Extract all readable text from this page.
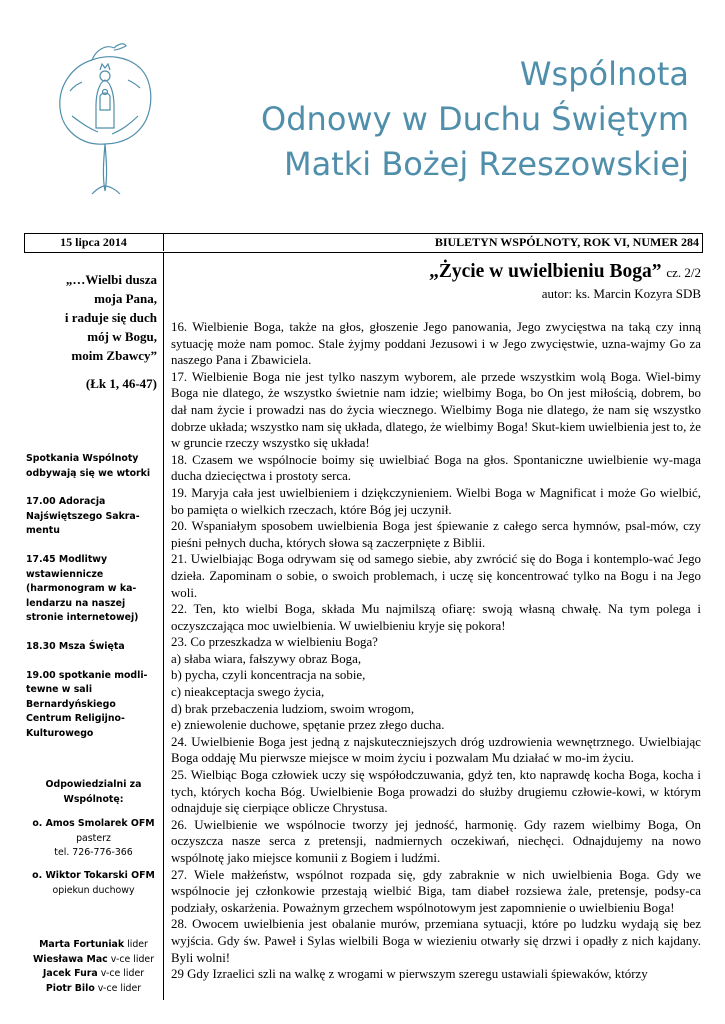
Wspólnota
Odnowy w Duchu Świętym
Matki Bożej Rzeszowskiej
15 lipca 2014	BIULETYN WSPÓLNOTY, ROK VI, NUMER 284
„…Wielbi dusza
moja Pana,
i raduje się duch
mój w Bogu,
moim Zbawcy”
(Łk 1, 46-47)

Spotkania Wspólnoty odbywają się we wtorki

17.00 Adoracja Najświętszego Sakra-mentu

17.45 Modlitwy wstawiennicze (harmonogram w ka-lendarzu na naszej stronie internetowej)

18.30 Msza Święta

19.00 spotkanie modli-tewne w sali Bernardyńskiego Centrum Religijno-Kulturowego

Odpowiedzialni za Wspólnotę:
o. Amos Smolarek OFM
pasterz
tel. 726-776-366
o. Wiktor Tokarski OFM
opiekun duchowy
Marta Fortuniak lider
Wiesława Mac v-ce lider
Jacek Fura v-ce lider
Piotr Bilo v-ce lider
„Życie w uwielbieniu Boga” cz. 2/2
autor: ks. Marcin Kozyra SDB

16. Wielbienie Boga, także na głos, głoszenie Jego panowania, Jego zwycięstwa na taką czy inną sytuację może nam pomoc. Stale żyjmy poddani Jezusowi i w Jego zwycięstwie, uzna-wajmy Go za naszego Pana i Zbawiciela.

17. Wielbienie Boga nie jest tylko naszym wyborem, ale przede wszystkim wolą Boga. Wiel-bimy Boga nie dlatego, że wszystko świetnie nam idzie; wielbimy Boga, bo On jest miłością, dobrem, bo dał nam życie i prowadzi nas do życia wiecznego. Wielbimy Boga nie dlatego, że nam się wszystko dobrze układa; wszystko nam się układa, dlatego, że wielbimy Boga! Skut-kiem uwielbienia jest to, że w gruncie rzeczy wszystko się układa!

18. Czasem we wspólnocie boimy się uwielbiać Boga na głos. Spontaniczne uwielbienie wy-maga ducha dziecięctwa i prostoty serca.

19. Maryja cała jest uwielbieniem i dziękczynieniem. Wielbi Boga w Magnificat i może Go wielbić, bo pamięta o wielkich rzeczach, które Bóg jej uczynił.

20. Wspaniałym sposobem uwielbienia Boga jest śpiewanie z całego serca hymnów, psal-mów, czy pieśni pełnych ducha, których słowa są zaczerpnięte z Biblii.

21. Uwielbiając Boga odrywam się od samego siebie, aby zwrócić się do Boga i kontemplo-wać Jego dzieła. Zapominam o sobie, o swoich problemach, i uczę się koncentrować tylko na Bogu i na Jego woli.

22. Ten, kto wielbi Boga, składa Mu najmilszą ofiarę: swoją własną chwałę. Na tym polega i oczyszczająca moc uwielbienia. W uwielbieniu kryje się pokora!

23. Co przeszkadza w wielbieniu Boga?

a) słaba wiara, fałszywy obraz Boga,

b) pycha, czyli koncentracja na sobie,

c) nieakceptacja swego życia,

d) brak przebaczenia ludziom, swoim wrogom,

e) zniewolenie duchowe, spętanie przez złego ducha.

24. Uwielbienie Boga jest jedną z najskuteczniejszych dróg uzdrowienia wewnętrznego. Uwielbiając Boga oddaję Mu pierwsze miejsce w moim życiu i pozwalam Mu działać w mo-im życiu.

25. Wielbiąc Boga człowiek uczy się współodczuwania, gdyż ten, kto naprawdę kocha Boga, kocha i tych, których kocha Bóg. Uwielbienie Boga prowadzi do służby drugiemu człowie-kowi, w którym odnajduje się cierpiące oblicze Chrystusa.

26. Uwielbienie we wspólnocie tworzy jej jedność, harmonię. Gdy razem wielbimy Boga, On oczyszcza nasze serca z pretensji, nadmiernych oczekiwań, niechęci. Odnajdujemy na nowo wspólnotę jako miejsce komunii z Bogiem i ludźmi.

27. Wiele małżeństw, wspólnot rozpada się, gdy zabraknie w nich uwielbienia Boga. Gdy we wspólnocie jej członkowie przestają wielbić Biga, tam diabeł rozsiewa żale, pretensje, podsy-ca podziały, oskarżenia. Poważnym grzechem wspólnotowym jest zapomnienie o uwielbieniu Boga!

28. Owocem uwielbienia jest obalanie murów, przemiana sytuacji, które po ludzku wydają się bez wyjścia. Gdy św. Paweł i Sylas wielbili Boga w wiezieniu otwarły się drzwi i opadły z nich kajdany. Byli wolni!

29 Gdy Izraelici szli na walkę z wrogami w pierwszym szeregu ustawiali śpiewaków, którzy
